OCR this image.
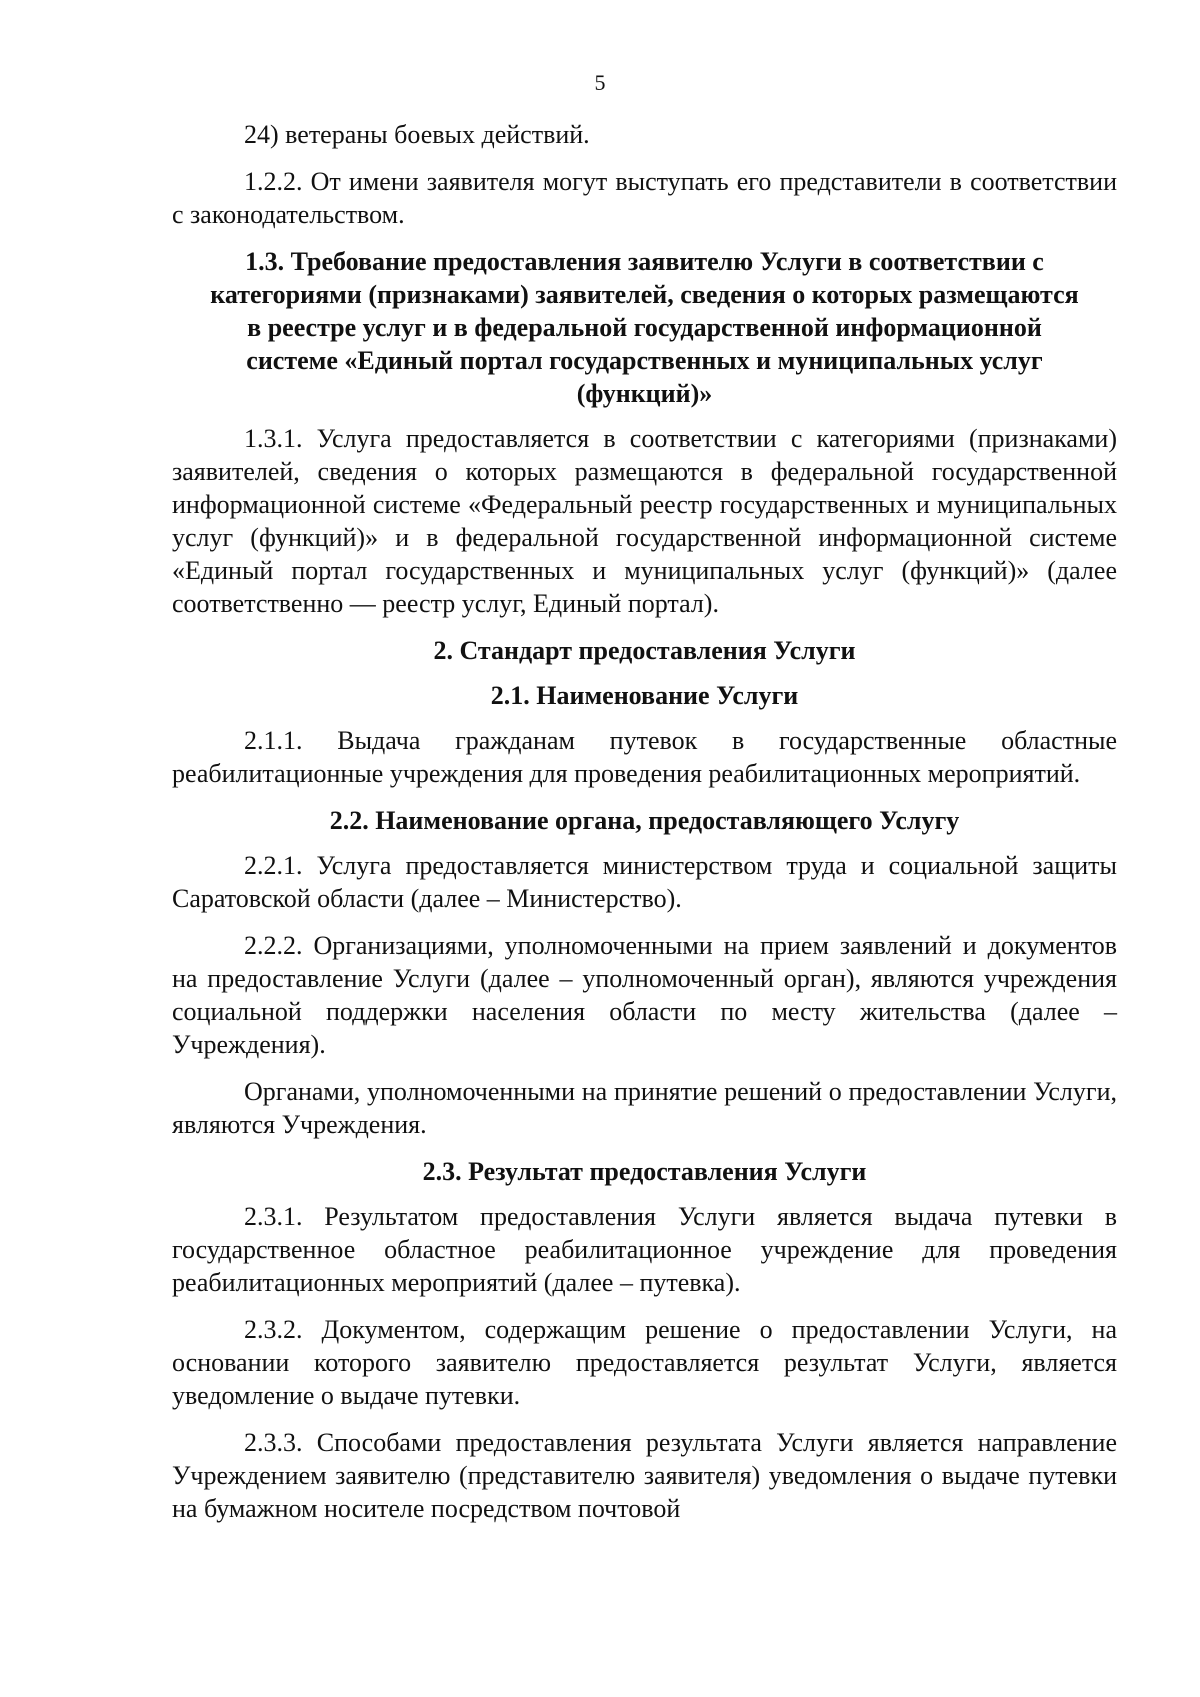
5

24) ветераны боевых действий.

1.2.2. От имени заявителя могут выступать его представители в соответствии с законодательством.

1.3. Требование предоставления заявителю Услуги в соответствии с категориями (признаками) заявителей, сведения о которых размещаются в реестре услуг и в федеральной государственной информационной системе «Единый портал государственных и муниципальных услуг (функций)»

1.3.1. Услуга предоставляется в соответствии с категориями (признаками) заявителей, сведения о которых размещаются в федеральной государственной информационной системе «Федеральный реестр государственных и муниципальных услуг (функций)» и в федеральной государственной информационной системе «Единый портал государственных и муниципальных услуг (функций)» (далее соответственно — реестр услуг, Единый портал).

2. Стандарт предоставления Услуги

2.1. Наименование Услуги

2.1.1. Выдача гражданам путевок в государственные областные реабилитационные учреждения для проведения реабилитационных мероприятий.

2.2. Наименование органа, предоставляющего Услугу

2.2.1. Услуга предоставляется министерством труда и социальной защиты Саратовской области (далее – Министерство).

2.2.2. Организациями, уполномоченными на прием заявлений и документов на предоставление Услуги (далее – уполномоченный орган), являются учреждения социальной поддержки населения области по месту жительства (далее – Учреждения).

Органами, уполномоченными на принятие решений о предоставлении Услуги, являются Учреждения.

2.3. Результат предоставления Услуги

2.3.1. Результатом предоставления Услуги является выдача путевки в государственное областное реабилитационное учреждение для проведения реабилитационных мероприятий (далее – путевка).

2.3.2. Документом, содержащим решение о предоставлении Услуги, на основании которого заявителю предоставляется результат Услуги, является уведомление о выдаче путевки.

2.3.3. Способами предоставления результата Услуги является направление Учреждением заявителю (представителю заявителя) уведомления о выдаче путевки на бумажном носителе посредством почтовой
